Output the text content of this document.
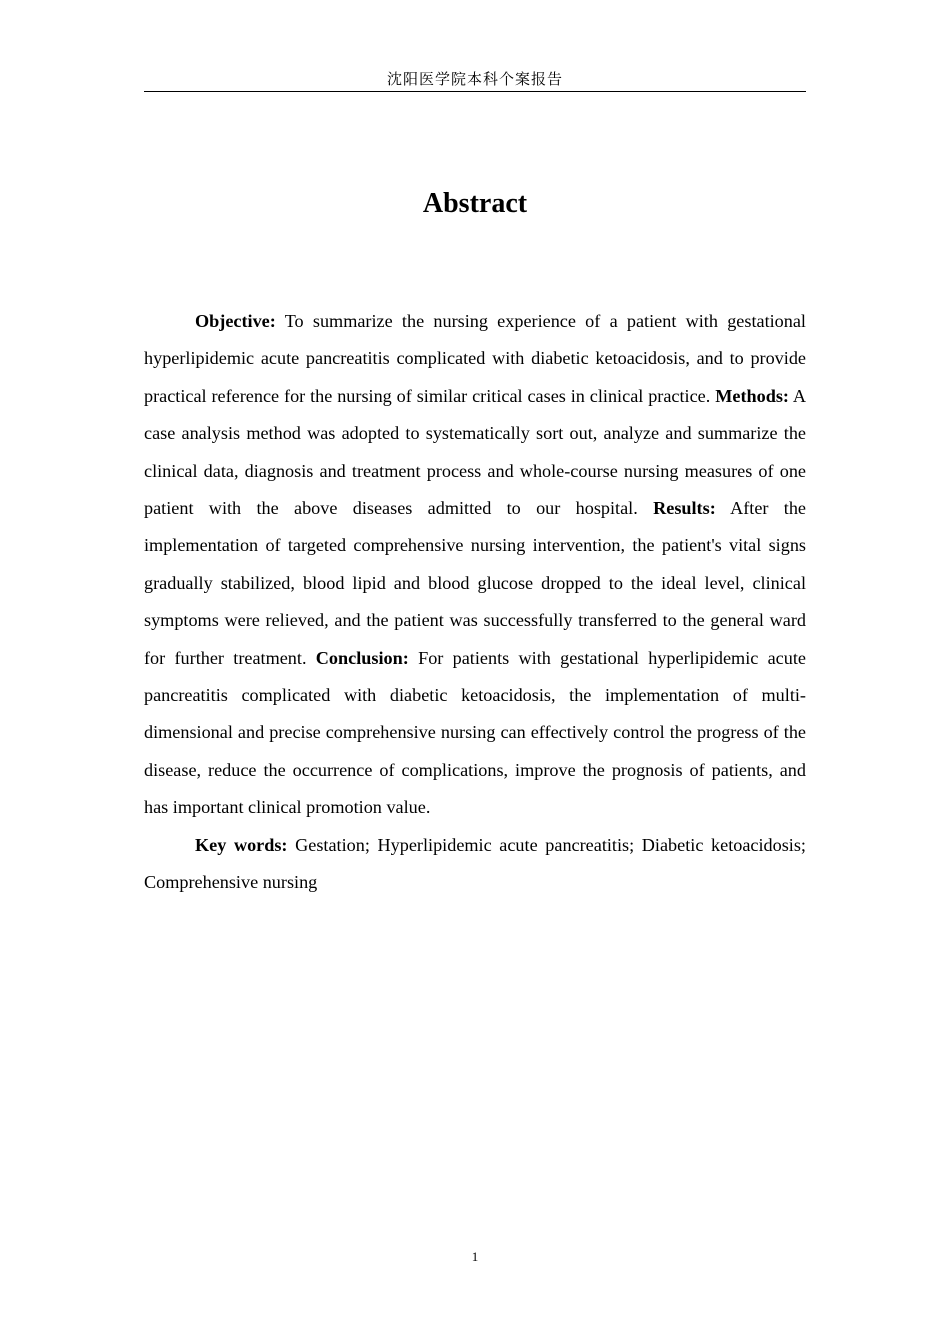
沈阳医学院本科个案报告
Abstract

Objective: To summarize the nursing experience of a patient with gestational hyperlipidemic acute pancreatitis complicated with diabetic ketoacidosis, and to provide practical reference for the nursing of similar critical cases in clinical practice. Methods: A case analysis method was adopted to systematically sort out, analyze and summarize the clinical data, diagnosis and treatment process and whole-course nursing measures of one patient with the above diseases admitted to our hospital. Results: After the implementation of targeted comprehensive nursing intervention, the patient's vital signs gradually stabilized, blood lipid and blood glucose dropped to the ideal level, clinical symptoms were relieved, and the patient was successfully transferred to the general ward for further treatment. Conclusion: For patients with gestational hyperlipidemic acute pancreatitis complicated with diabetic ketoacidosis, the implementation of multi-dimensional and precise comprehensive nursing can effectively control the progress of the disease, reduce the occurrence of complications, improve the prognosis of patients, and has important clinical promotion value.

Key words: Gestation; Hyperlipidemic acute pancreatitis; Diabetic ketoacidosis; Comprehensive nursing

1
